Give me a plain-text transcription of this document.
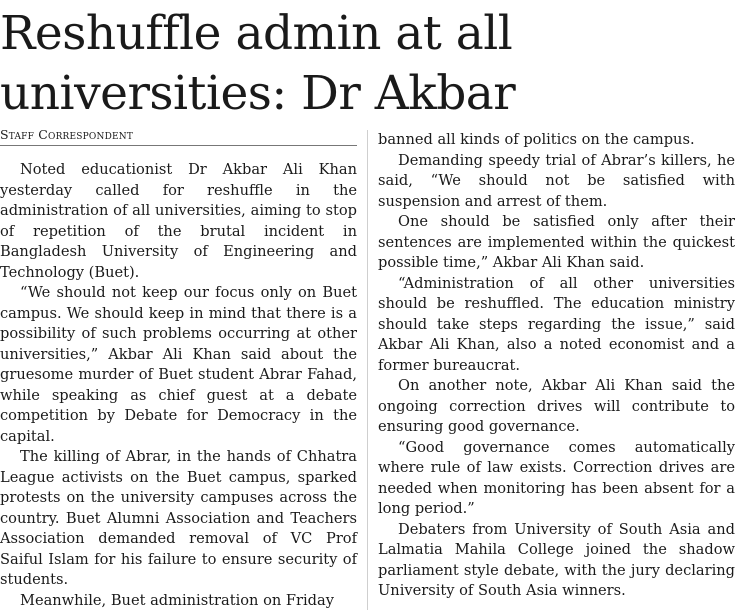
Reshuffle admin at all
universities: Dr Akbar
Staff Correspondent

Noted educationist Dr Akbar Ali Khan yesterday called for reshuffle in the administration of all universities, aiming to stop of repetition of the brutal incident in Bangladesh University of Engineering and Technology (Buet).

“We should not keep our focus only on Buet campus. We should keep in mind that there is a possibility of such problems occurring at other universities,” Akbar Ali Khan said about the gruesome murder of Buet student Abrar Fahad, while speaking as chief guest at a debate competition by Debate for Democracy in the capital.

The killing of Abrar, in the hands of Chhatra League activists on the Buet campus, sparked protests on the university campuses across the country. Buet Alumni Association and Teachers Association demanded removal of VC Prof Saiful Islam for his failure to ensure security of students.

Meanwhile, Buet administration on Friday

banned all kinds of politics on the campus.

Demanding speedy trial of Abrar’s killers, he said, “We should not be satisfied with suspension and arrest of them.

One should be satisfied only after their sentences are implemented within the quickest possible time,” Akbar Ali Khan said.

“Administration of all other universities should be reshuffled. The education ministry should take steps regarding the issue,” said Akbar Ali Khan, also a noted economist and a former bureaucrat.

On another note, Akbar Ali Khan said the ongoing correction drives will contribute to ensuring good governance.

“Good governance comes automatically where rule of law exists. Correction drives are needed when monitoring has been absent for a long period.”

Debaters from University of South Asia and Lalmatia Mahila College joined the shadow parliament style debate, with the jury declaring University of South Asia winners.
